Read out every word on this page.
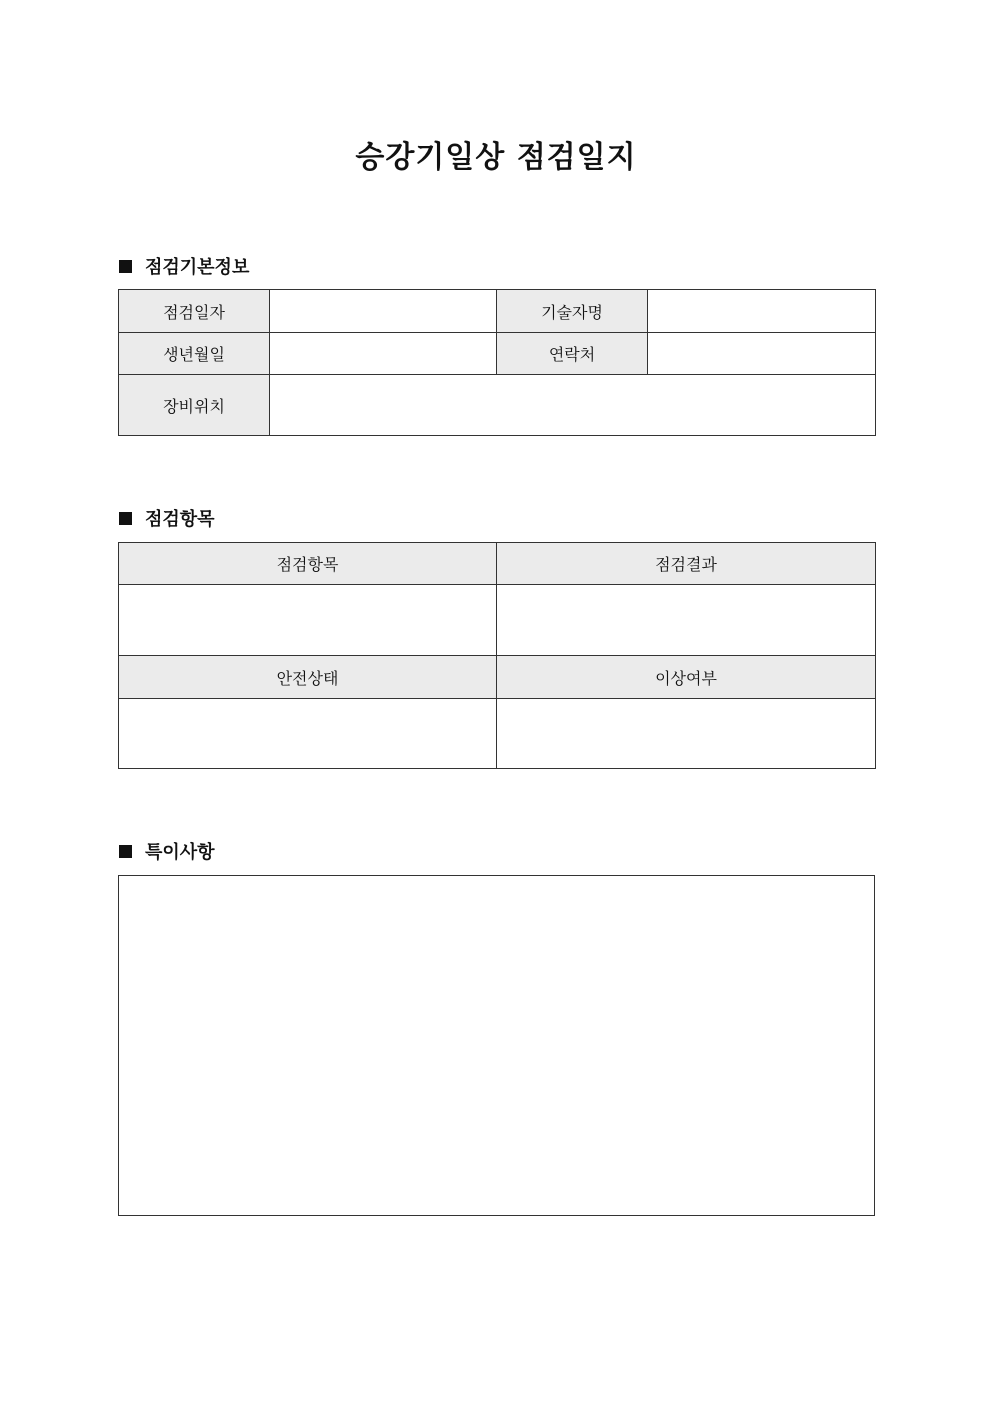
승강기일상 점검일지
점검기본정보
점검일자		기술자명	
생년월일		연락처	
장비위치			
점검항목
점검항목	점검결과

안전상태	이상여부

특이사항
